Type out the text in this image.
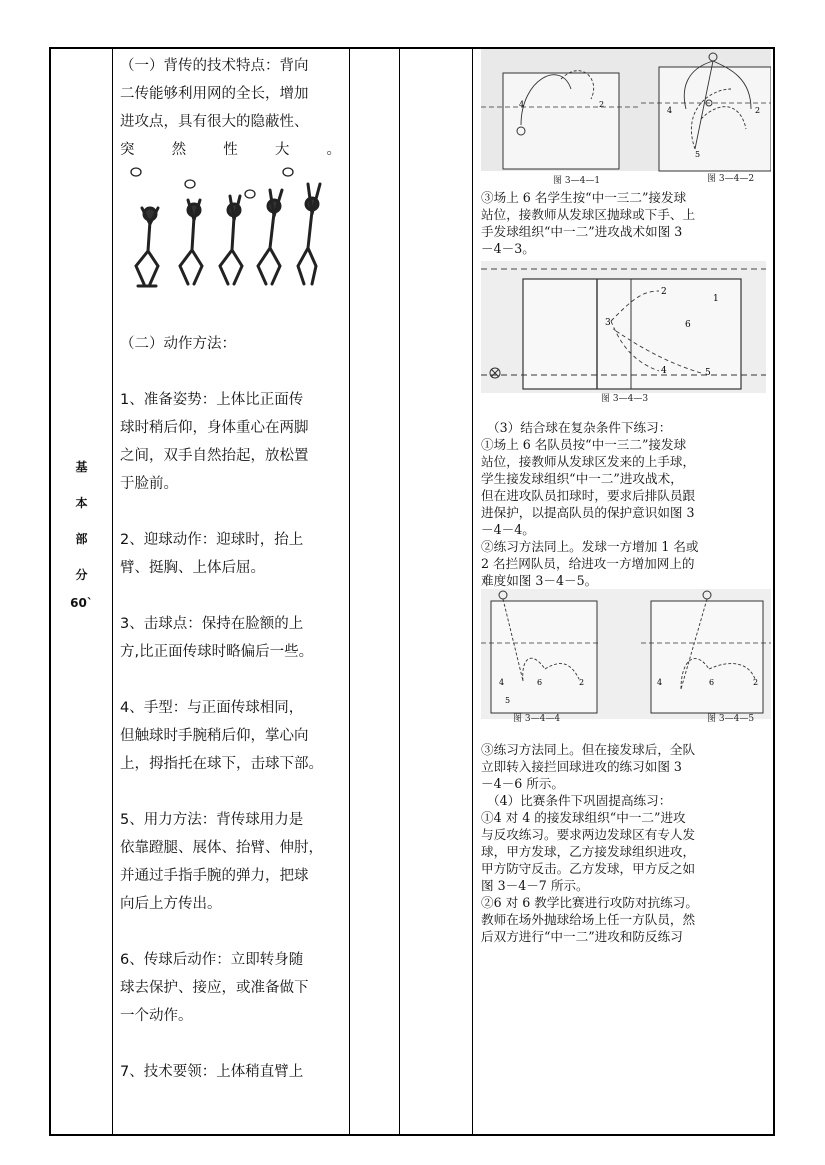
基
本
部
分
60`

（一）背传的技术特点：背向

二传能够利用网的全长，增加

进攻点，具有很大的隐蔽性、

突	然	性	大	。

（二）动作方法：

1、准备姿势：上体比正面传

球时稍后仰，身体重心在两脚

之间，双手自然抬起，放松置

于脸前。

2、迎球动作：迎球时，抬上

臂、挺胸、上体后屈。

3、击球点：保持在脸额的上

方,比正面传球时略偏后一些。

4、手型：与正面传球相同，

但触球时手腕稍后仰，掌心向

上，拇指托在球下，击球下部。

5、用力方法：背传球用力是

依靠蹬腿、展体、抬臂、伸肘，

并通过手指手腕的弹力，把球

向后上方传出。

6、传球后动作：立即转身随

球去保护、接应，或准备做下

一个动作。

7、技术要领：上体稍直臂上

4	2
4	2
5
图 3—4—1	图 3—4—2

③场上 6 名学生按“中一三二”接发球

站位，接教师从发球区抛球或下手、上

手发球组织“中一二”进攻战术如图 3

－4－3。

2
3
5
4
6
1
图 3—4—3

（3）结合球在复杂条件下练习：

①场上 6 名队员按“中一三二”接发球

站位，接教师从发球区发来的上手球，

学生接发球组织“中一二”进攻战术，

但在进攻队员扣球时，要求后排队员跟

进保护，以提高队员的保护意识如图 3

－4－4。

②练习方法同上。发球一方增加 1 名或

2 名拦网队员，给进攻一方增加网上的

难度如图 3－4－5。

4	6	2
5
4	6	2
图 3—4—4	图 3—4—5

③练习方法同上。但在接发球后，全队

立即转入接拦回球进攻的练习如图 3

－4－6 所示。

（4）比赛条件下巩固提高练习：

①4 对 4 的接发球组织“中一二”进攻

与反攻练习。要求两边发球区有专人发

球，甲方发球，乙方接发球组织进攻，

甲方防守反击。乙方发球，甲方反之如

图 3－4－7 所示。

②6 对 6 教学比赛进行攻防对抗练习。

教师在场外抛球给场上任一方队员，然

后双方进行“中一二”进攻和防反练习
